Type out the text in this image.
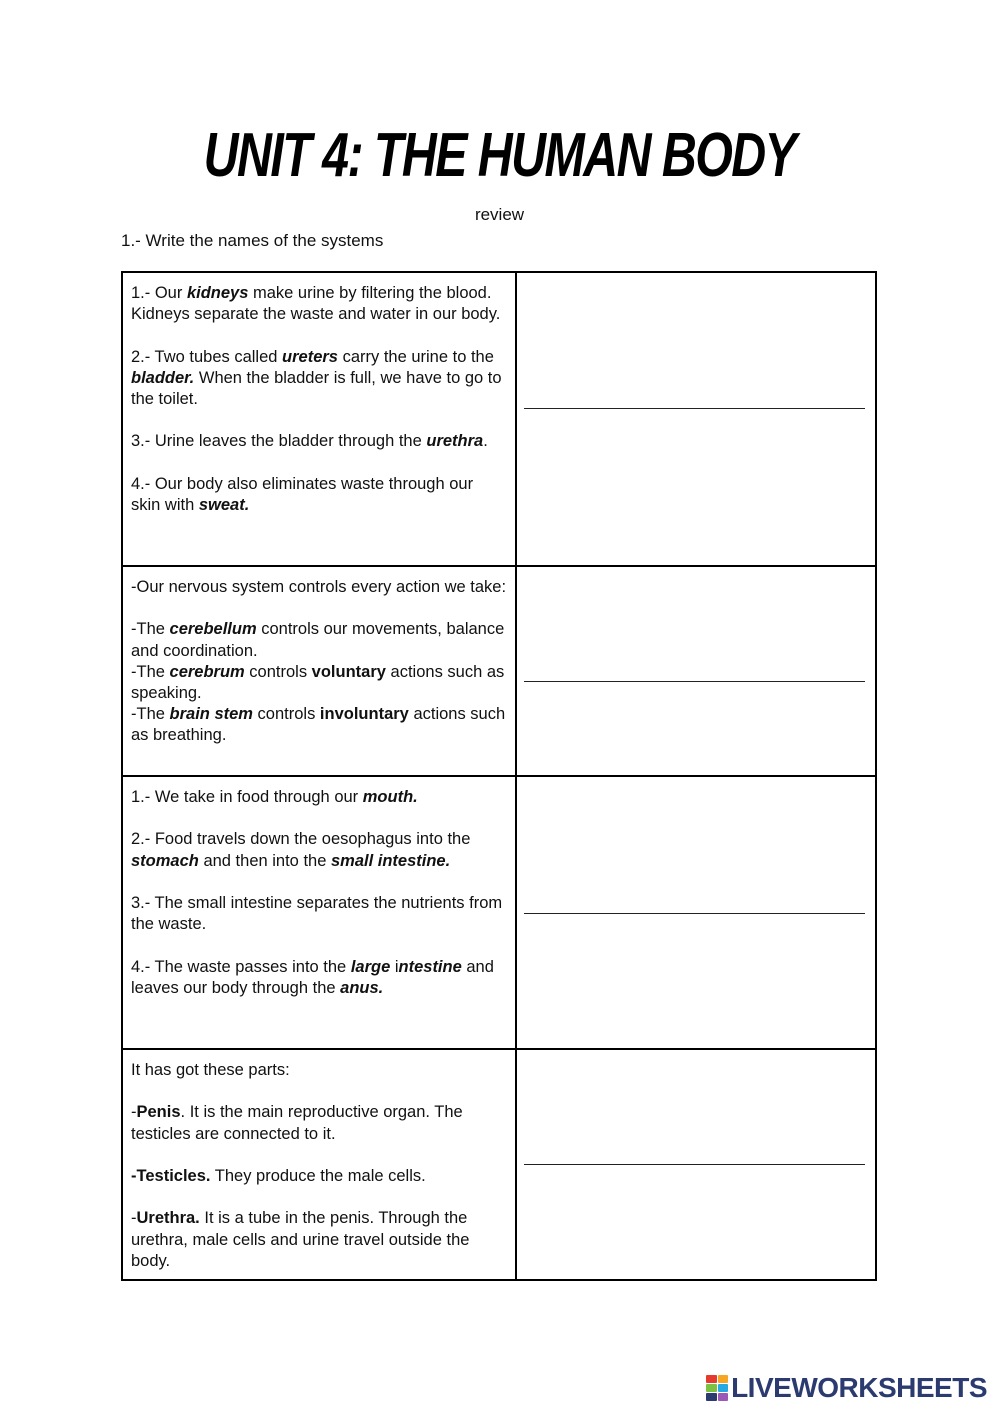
UNIT 4: THE HUMAN BODY
review
1.- Write the names of the systems

1.- Our kidneys make urine by filtering the blood. Kidneys separate the waste and water in our body.

2.- Two tubes called ureters carry the urine to the bladder. When the bladder is full, we have to go to the toilet.

3.- Urine leaves the bladder through the urethra.

4.- Our body also eliminates waste through our skin with sweat.

-Our nervous system controls every action we take:

-The cerebellum controls our movements, balance and coordination.
-The cerebrum controls voluntary actions such as speaking.
-The brain stem controls involuntary actions such as breathing.

1.- We take in food through our mouth.

2.- Food travels down the oesophagus into the stomach and then into the small intestine.

3.- The small intestine separates the nutrients from the waste.

4.- The waste passes into the large intestine and leaves our body through the anus.

It has got these parts:

-Penis. It is the main reproductive organ. The testicles are connected to it.

-Testicles. They produce the male cells.

-Urethra. It is a tube in the penis. Through the urethra, male cells and urine travel outside the body.

LIVEWORKSHEETS
